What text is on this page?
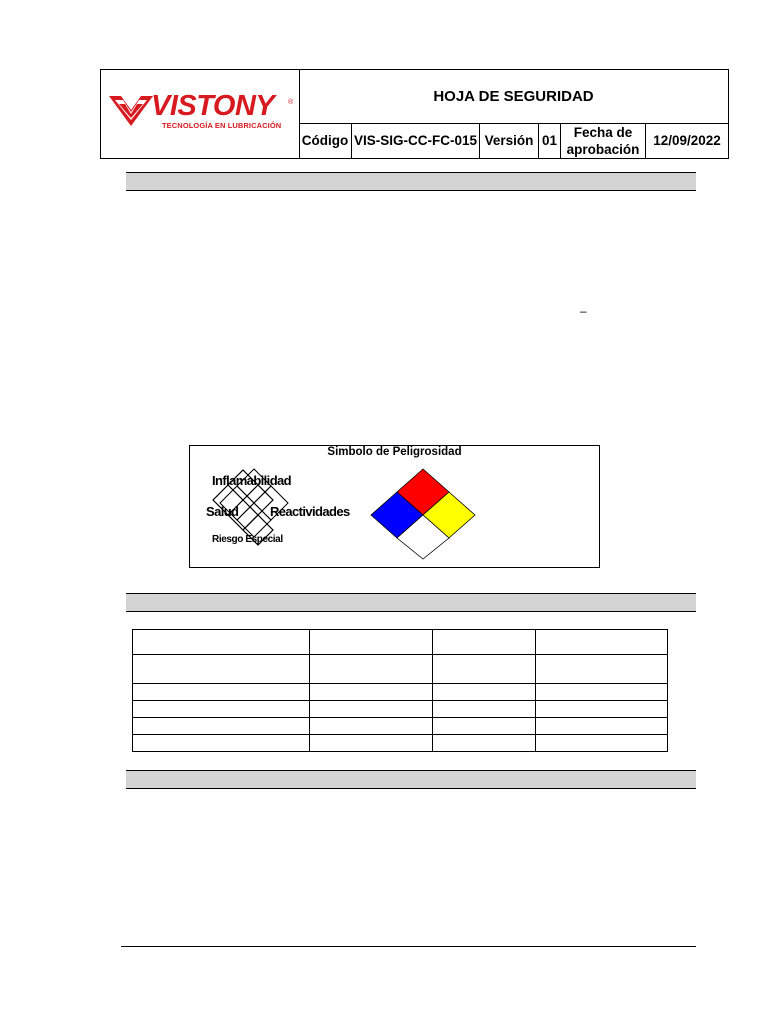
VISTONY ®
TECNOLOGÍA EN LUBRICACIÓN
HOJA DE SEGURIDAD
Código VIS-SIG-CC-FC-015 Versión 01
Fecha de aprobación
12/09/2022
–
Simbolo de Peligrosidad
Inflamabilidad
Salud Reactividades
Riesgo Especial
